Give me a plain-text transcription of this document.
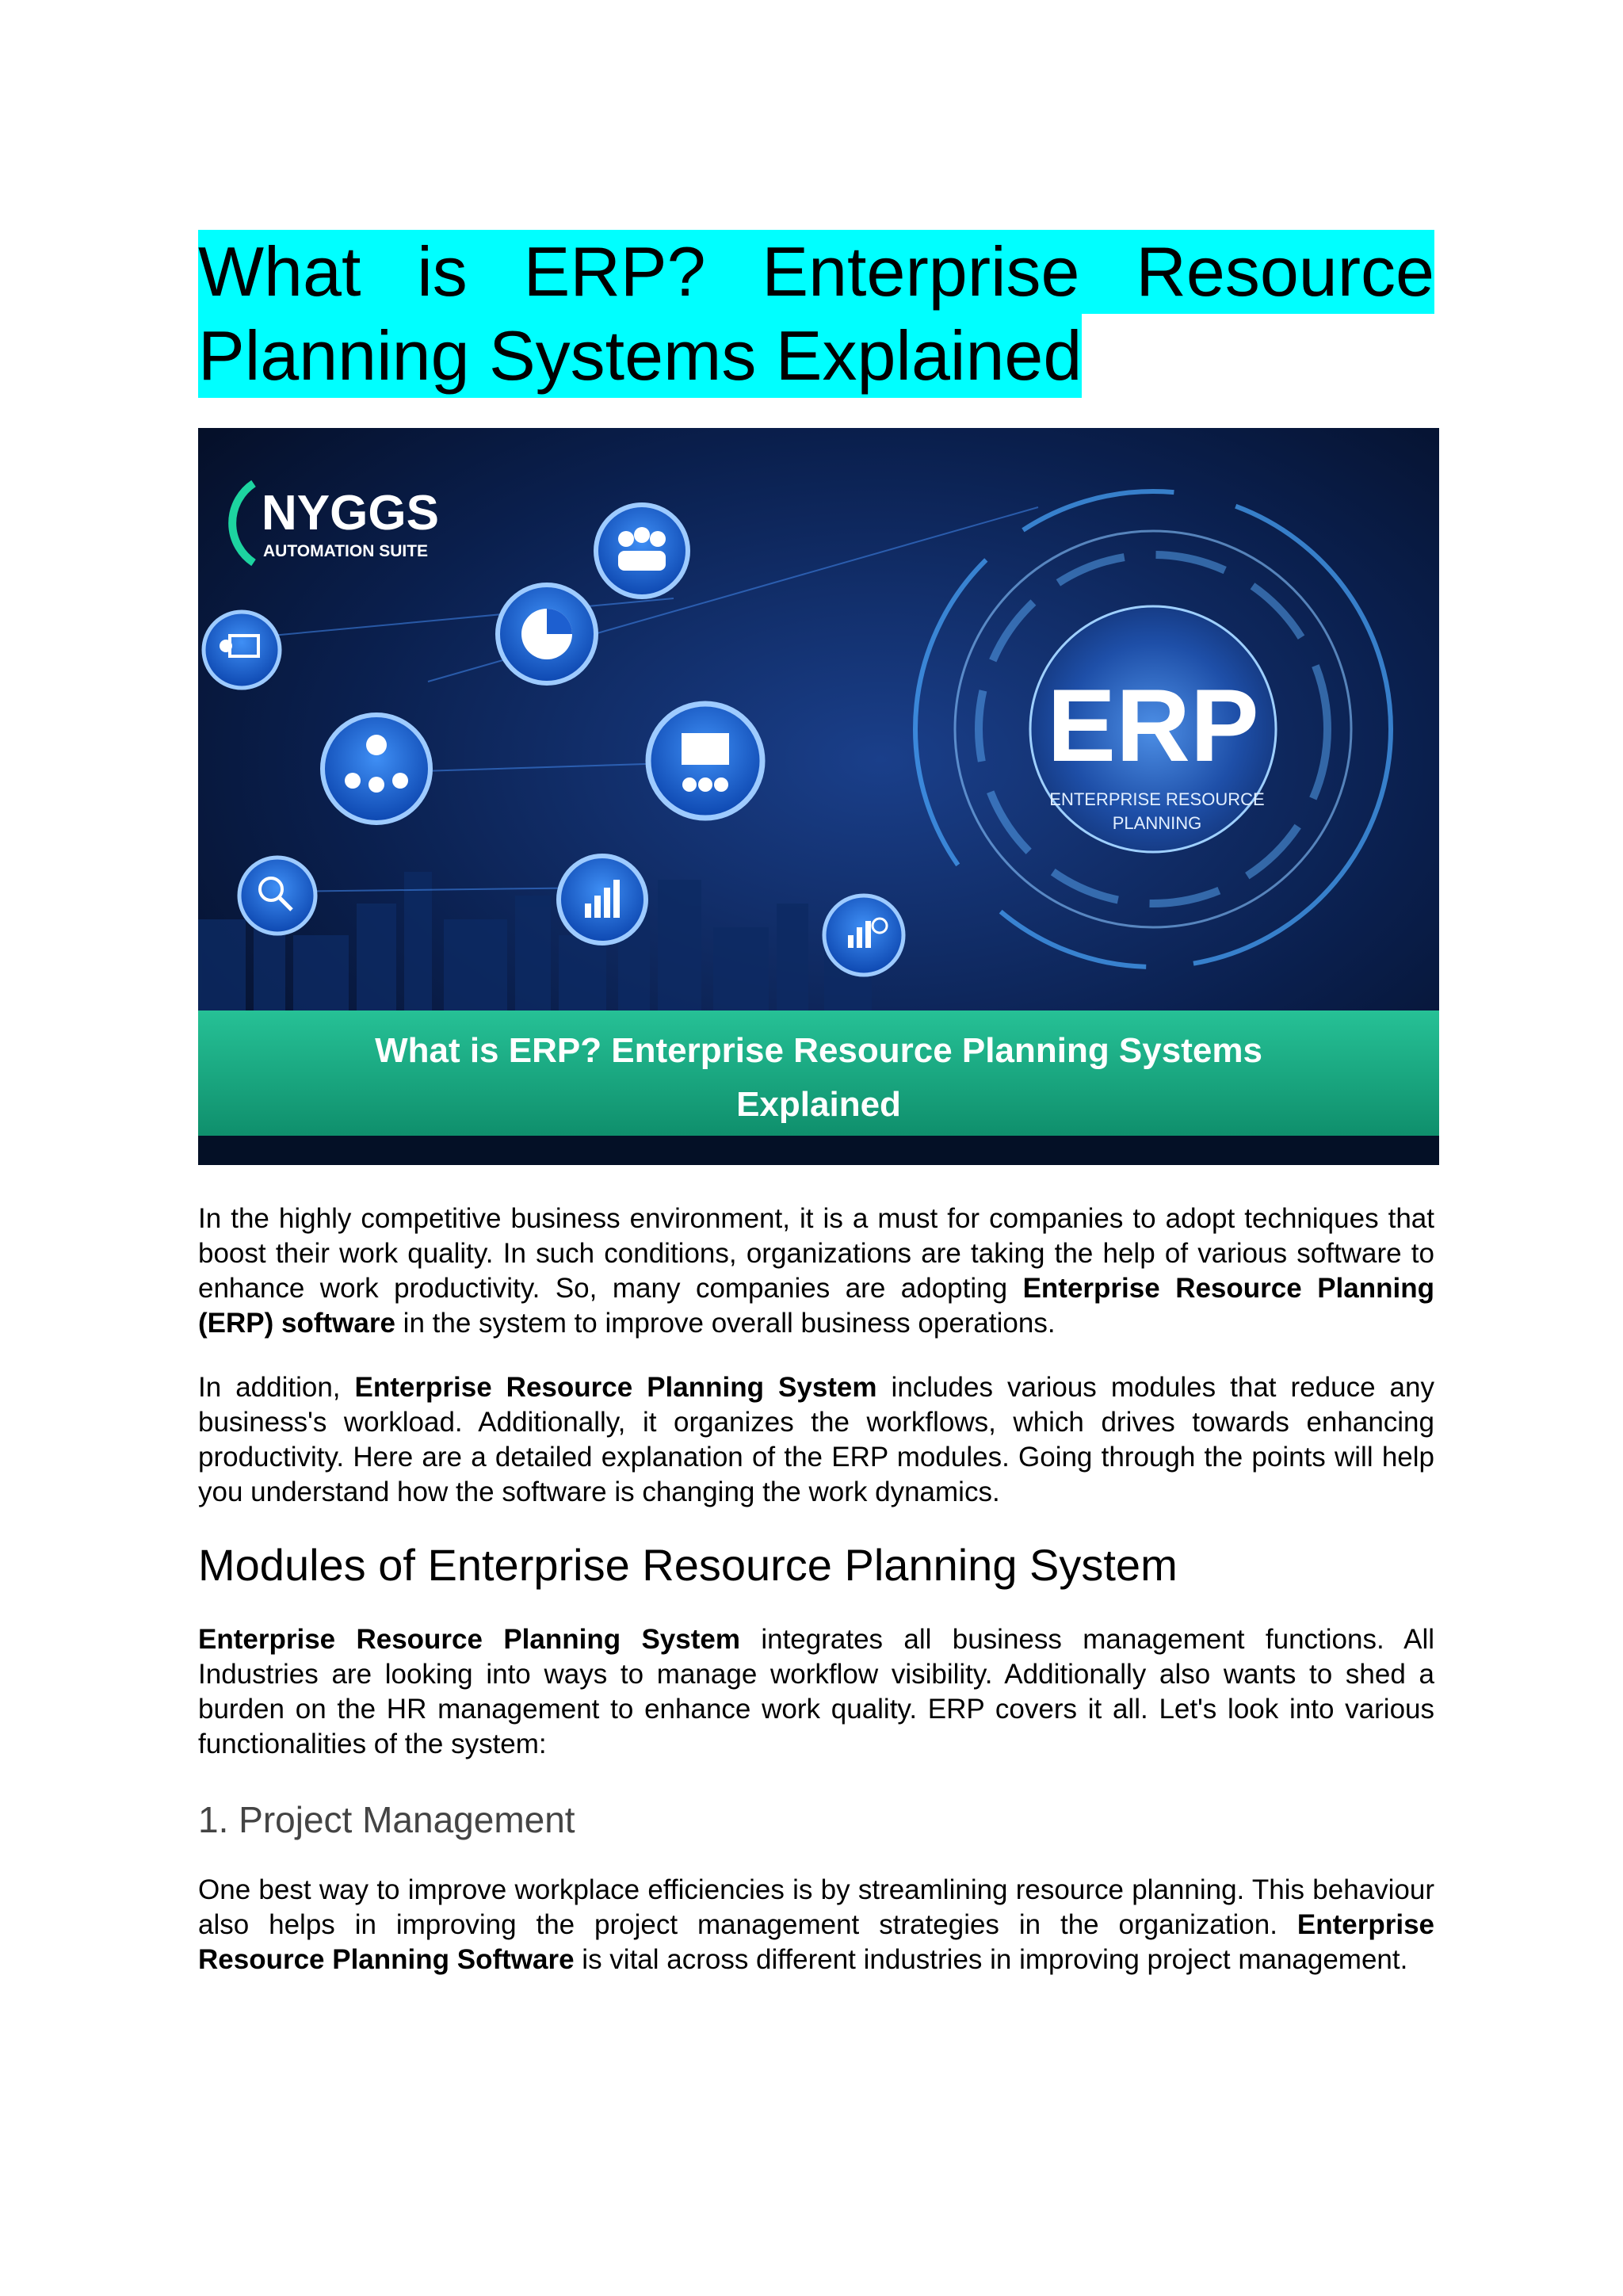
What is ERP? Enterprise Resource
Planning Systems Explained
ERP
ENTERPRISE RESOURCE
PLANNING
NYGGS
AUTOMATION SUITE
What is ERP? Enterprise Resource Planning Systems
Explained

In the highly competitive business environment, it is a must for companies to adopt techniques that boost their work quality. In such conditions, organizations are taking the help of various software to enhance work productivity. So, many companies are adopting Enterprise Resource Planning (ERP) software in the system to improve overall business operations.

In addition, Enterprise Resource Planning System includes various modules that reduce any business's workload. Additionally, it organizes the workflows, which drives towards enhancing productivity. Here are a detailed explanation of the ERP modules. Going through the points will help you understand how the software is changing the work dynamics.

Modules of Enterprise Resource Planning System

Enterprise Resource Planning System integrates all business management functions. All Industries are looking into ways to manage workflow visibility. Additionally also wants to shed a burden on the HR management to enhance work quality. ERP covers it all. Let's look into various functionalities of the system:

1. Project Management

One best way to improve workplace efficiencies is by streamlining resource planning. This behaviour also helps in improving the project management strategies in the organization. Enterprise Resource Planning Software is vital across different industries in improving project management.
